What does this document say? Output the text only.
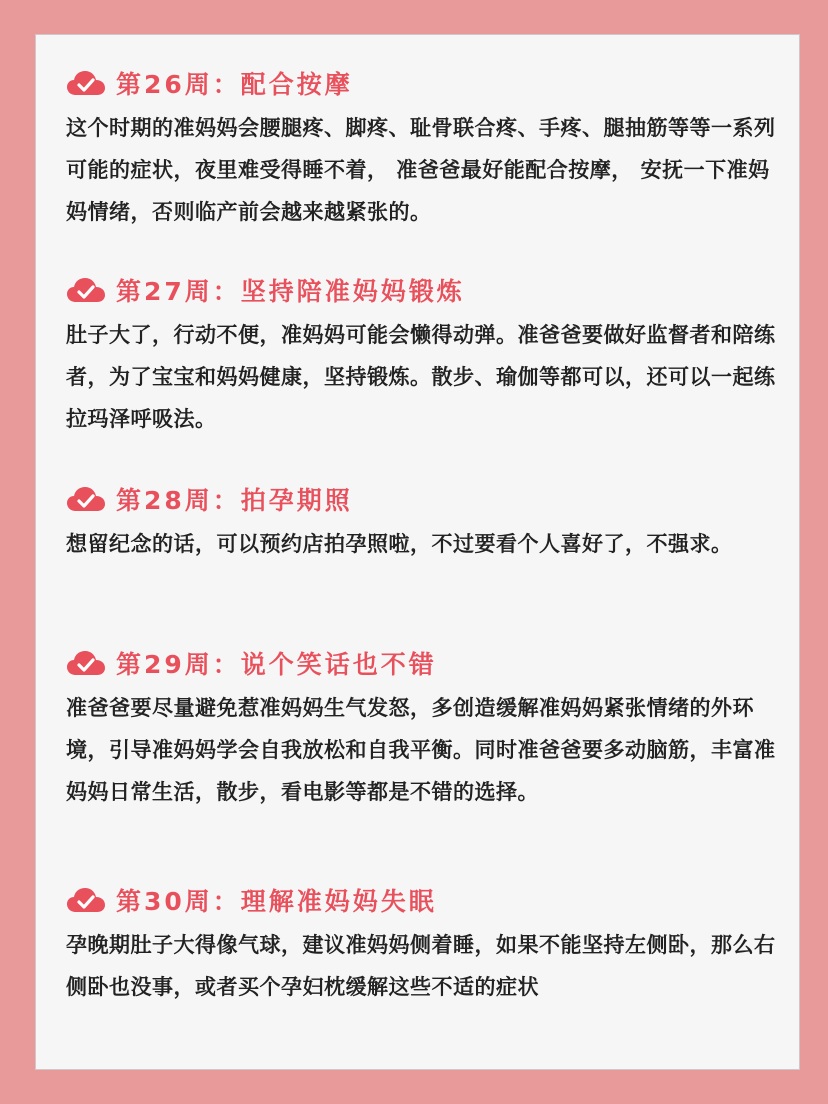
第26周：配合按摩

这个时期的准妈妈会腰腿疼、脚疼、耻骨联合疼、手疼、腿抽筋等等一系列可能的症状，夜里难受得睡不着， 准爸爸最好能配合按摩， 安抚一下准妈妈情绪，否则临产前会越来越紧张的。

第27周：坚持陪准妈妈锻炼

肚子大了，行动不便，准妈妈可能会懒得动弹。准爸爸要做好监督者和陪练者，为了宝宝和妈妈健康，坚持锻炼。散步、瑜伽等都可以，还可以一起练拉玛泽呼吸法。

第28周：拍孕期照

想留纪念的话，可以预约店拍孕照啦，不过要看个人喜好了，不强求。

第29周：说个笑话也不错

准爸爸要尽量避免惹准妈妈生气发怒，多创造缓解准妈妈紧张情绪的外环境，引导准妈妈学会自我放松和自我平衡。同时准爸爸要多动脑筋，丰富准妈妈日常生活，散步，看电影等都是不错的选择。

第30周：理解准妈妈失眠

孕晚期肚子大得像气球，建议准妈妈侧着睡，如果不能坚持左侧卧，那么右侧卧也没事，或者买个孕妇枕缓解这些不适的症状
